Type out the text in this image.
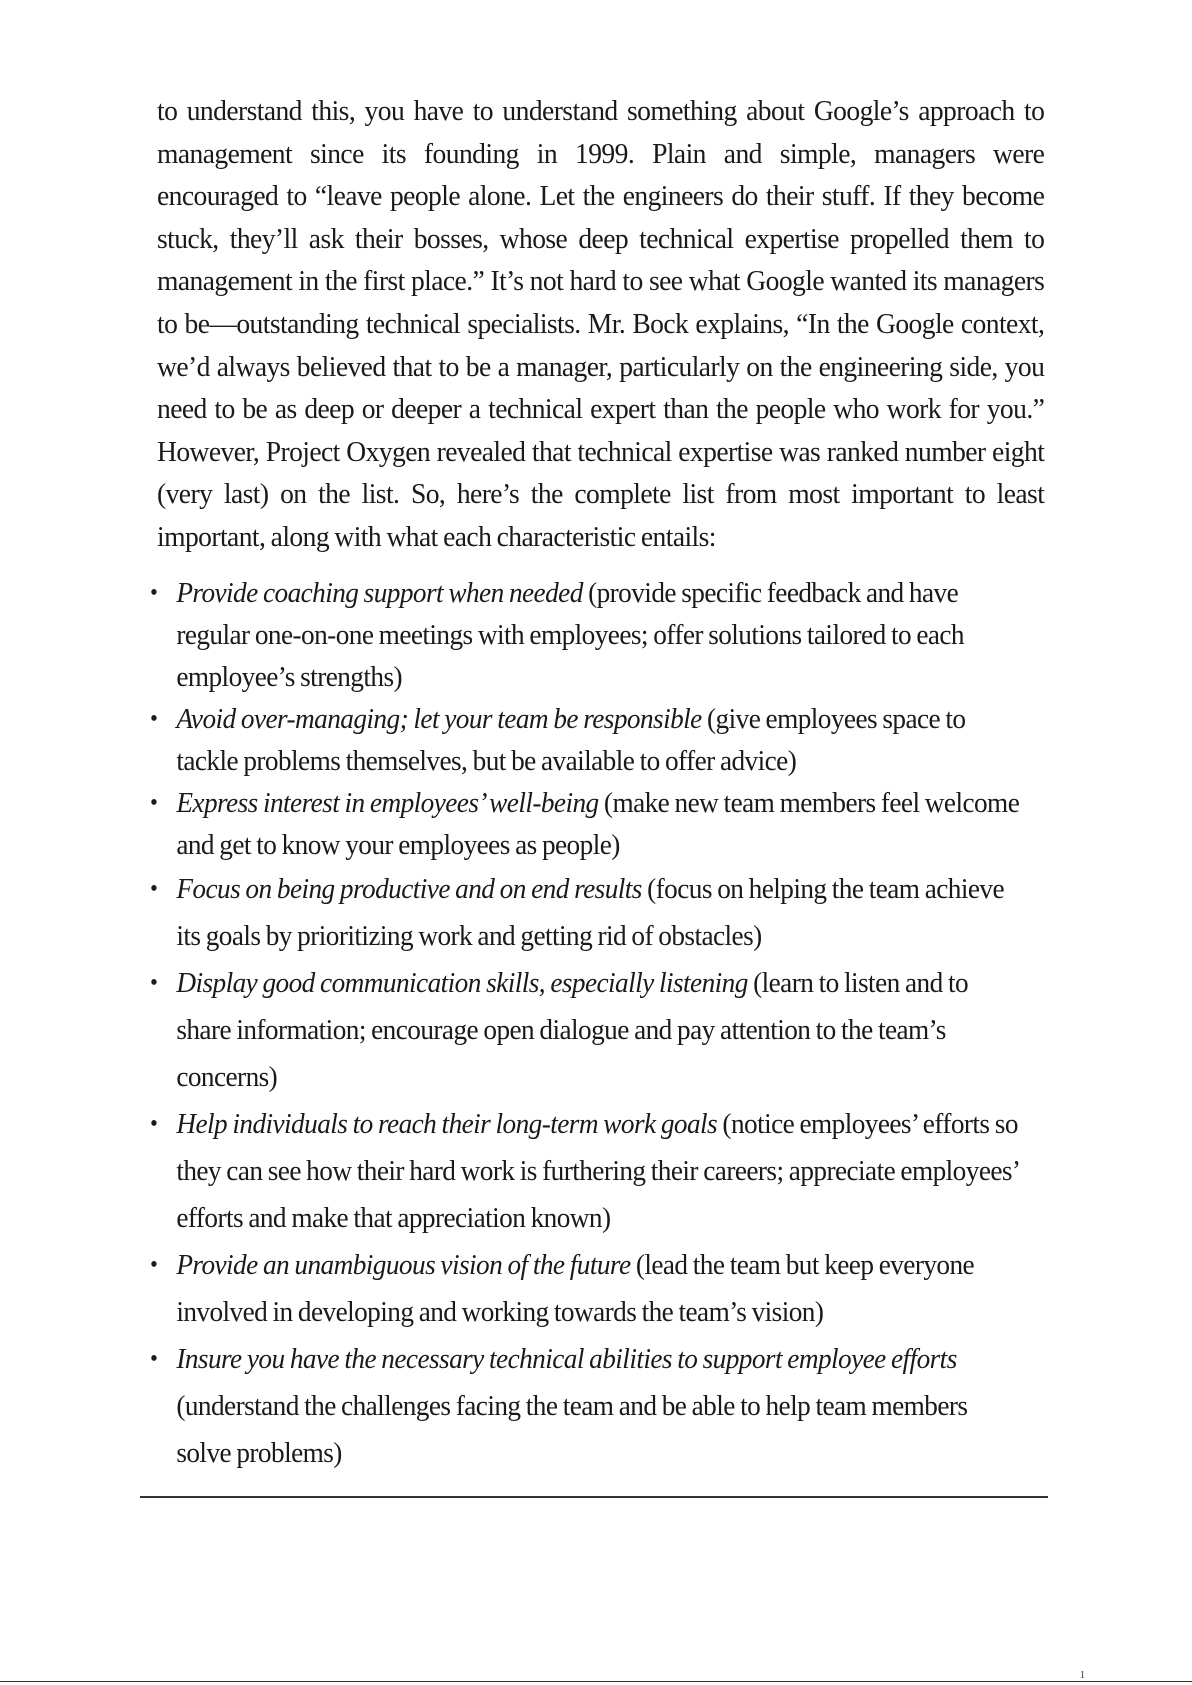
to understand this, you have to understand something about Google’s approach to management since its founding in 1999. Plain and simple, managers were encouraged to “leave people alone. Let the engineers do their stuff. If they become stuck, they’ll ask their bosses, whose deep technical expertise propelled them to management in the first place.” It’s not hard to see what Google wanted its managers to be—outstanding technical specialists. Mr. Bock explains, “In the Google context, we’d always believed that to be a manager, particularly on the engineering side, you need to be as deep or deeper a technical expert than the people who work for you.” However, Project Oxygen revealed that technical expertise was ranked number eight (very last) on the list. So, here’s the complete list from most important to least important, along with what each characteristic entails:

• Provide coaching support when needed (provide specific feedback and have regular one-on-one meetings with employees; offer solutions tailored to each employee’s strengths)
• Avoid over-managing; let your team be responsible (give employees space to tackle problems themselves, but be available to offer advice)
• Express interest in employees’ well-being (make new team members feel welcome and get to know your employees as people)
• Focus on being productive and on end results (focus on helping the team achieve its goals by prioritizing work and getting rid of obstacles)
• Display good communication skills, especially listening (learn to listen and to share information; encourage open dialogue and pay attention to the team’s concerns)
• Help individuals to reach their long-term work goals (notice employees’ efforts so they can see how their hard work is furthering their careers; appreciate employees’ efforts and make that appreciation known)
• Provide an unambiguous vision of the future (lead the team but keep everyone involved in developing and working towards the team’s vision)
• Insure you have the necessary technical abilities to support employee efforts (understand the challenges facing the team and be able to help team members solve problems)
1
